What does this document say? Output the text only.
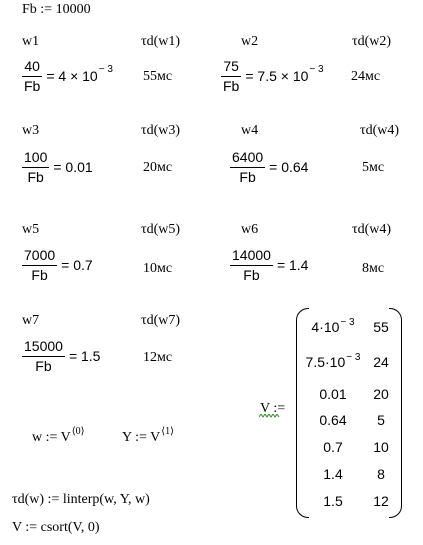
Fb := 10000
w1	τd(w1)
$\frac{40}{Fb} = 4 \times 10 - 3$ 55мс
w2	τd(w2)
$\frac{75}{Fb} = 7.5 \times 10 - 3$ 24мс
w3	τd(w3)
$\frac{100}{Fb} = 0.01$	20мс
w4	τd(w4)
$\frac{6400}{Fb} = 0.64$	5мс
w5	τd(w5)
$\frac{7000}{Fb} = 0.7$	10мс
w6	τd(w4)
$\frac{14000}{Fb} = 1.4$	8мс
w7	τd(w7)
$\frac{15000}{Fb} = 1.5$	12мс
w := $V^{⟨0⟩}$	Y := $V^{⟨1⟩}$
V :=
$4\cdot 10^{- 3}$	55
$7.5\cdot 10^{- 3}$ 24
0.01	20
0.64	5
0.7	10
1.4	8
1.5	12
τd(w) := linterp(w, Y, w)
V := csort(V, 0)
